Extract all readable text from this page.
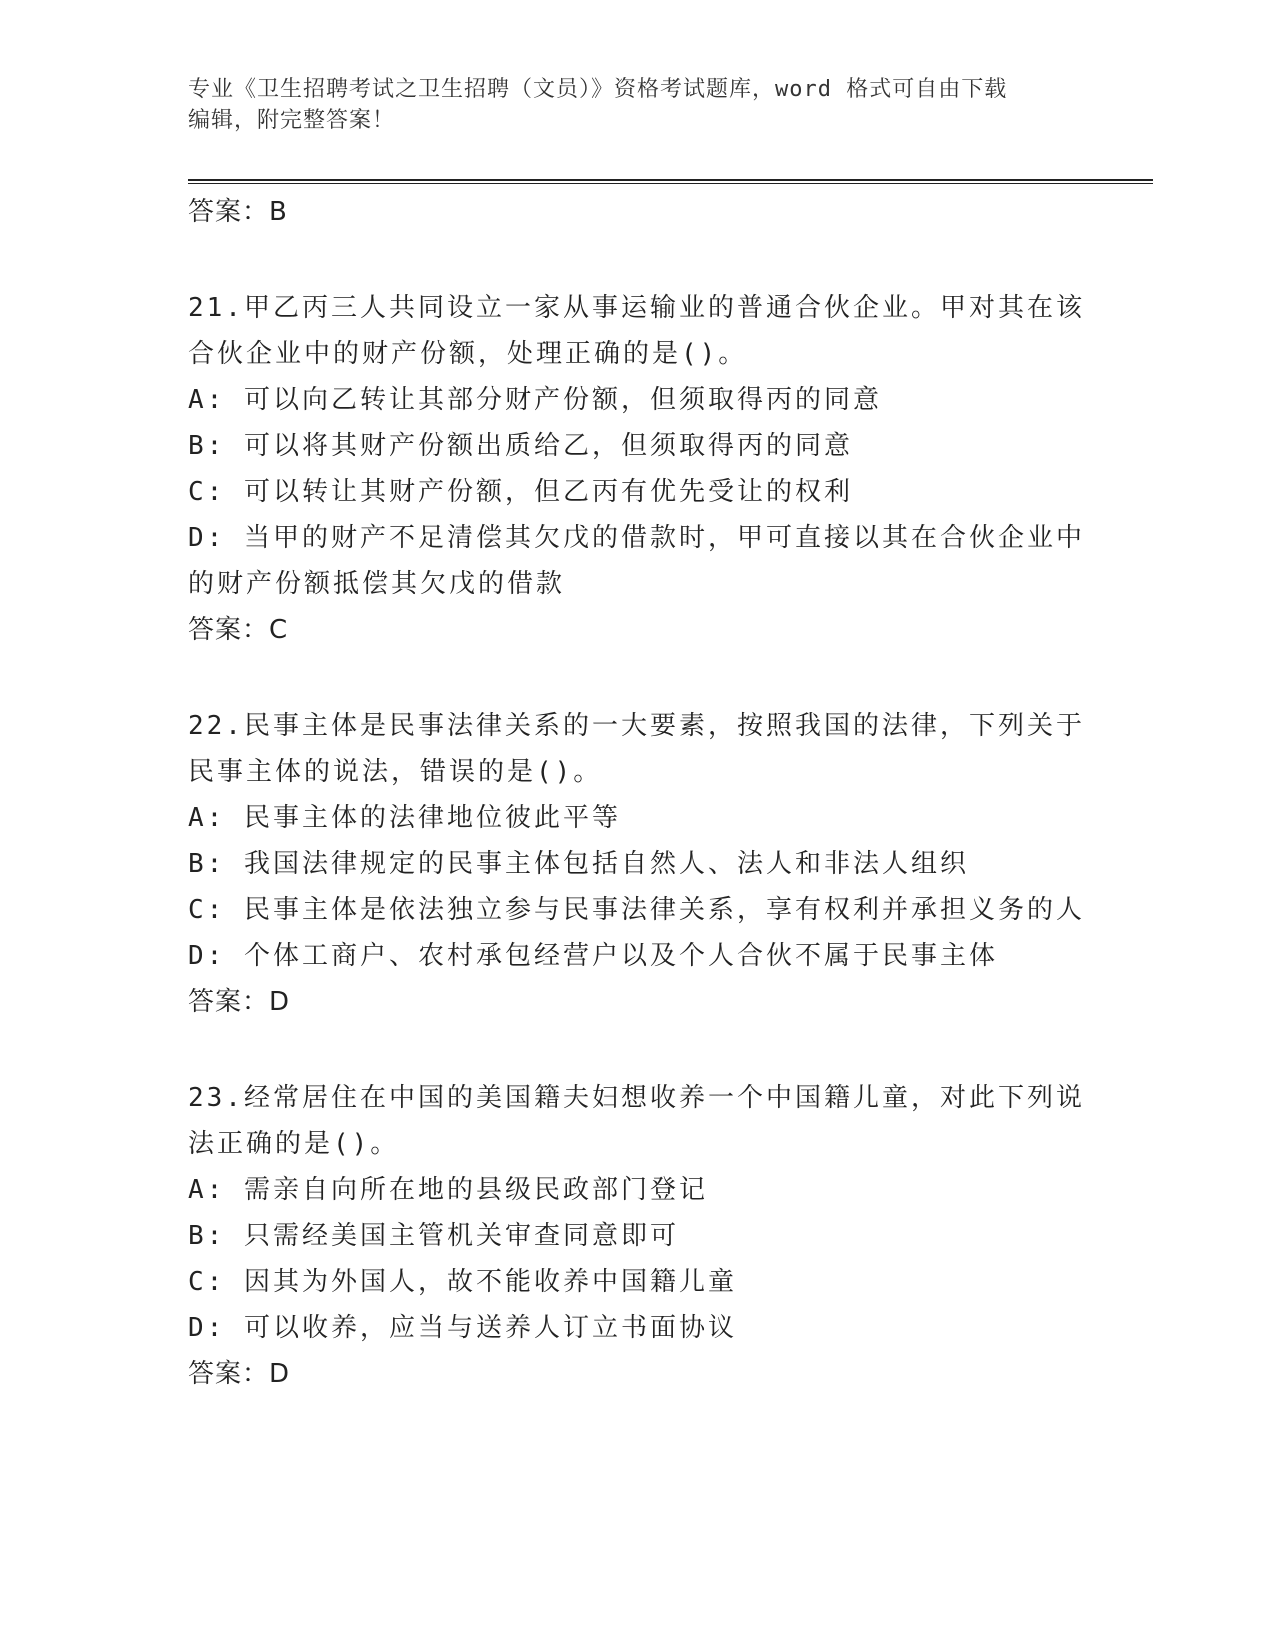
专业《卫生招聘考试之卫生招聘（文员）》资格考试题库，word 格式可自由下载
编辑，附完整答案！
答案：B
21.甲乙丙三人共同设立一家从事运输业的普通合伙企业。甲对其在该
合伙企业中的财产份额，处理正确的是()。
A: 可以向乙转让其部分财产份额，但须取得丙的同意
B: 可以将其财产份额出质给乙，但须取得丙的同意
C: 可以转让其财产份额，但乙丙有优先受让的权利
D: 当甲的财产不足清偿其欠戊的借款时，甲可直接以其在合伙企业中
的财产份额抵偿其欠戊的借款
答案：C
22.民事主体是民事法律关系的一大要素，按照我国的法律，下列关于
民事主体的说法，错误的是()。
A: 民事主体的法律地位彼此平等
B: 我国法律规定的民事主体包括自然人、法人和非法人组织
C: 民事主体是依法独立参与民事法律关系，享有权利并承担义务的人
D: 个体工商户、农村承包经营户以及个人合伙不属于民事主体
答案：D
23.经常居住在中国的美国籍夫妇想收养一个中国籍儿童，对此下列说
法正确的是()。
A: 需亲自向所在地的县级民政部门登记
B: 只需经美国主管机关审查同意即可
C: 因其为外国人，故不能收养中国籍儿童
D: 可以收养，应当与送养人订立书面协议
答案：D
